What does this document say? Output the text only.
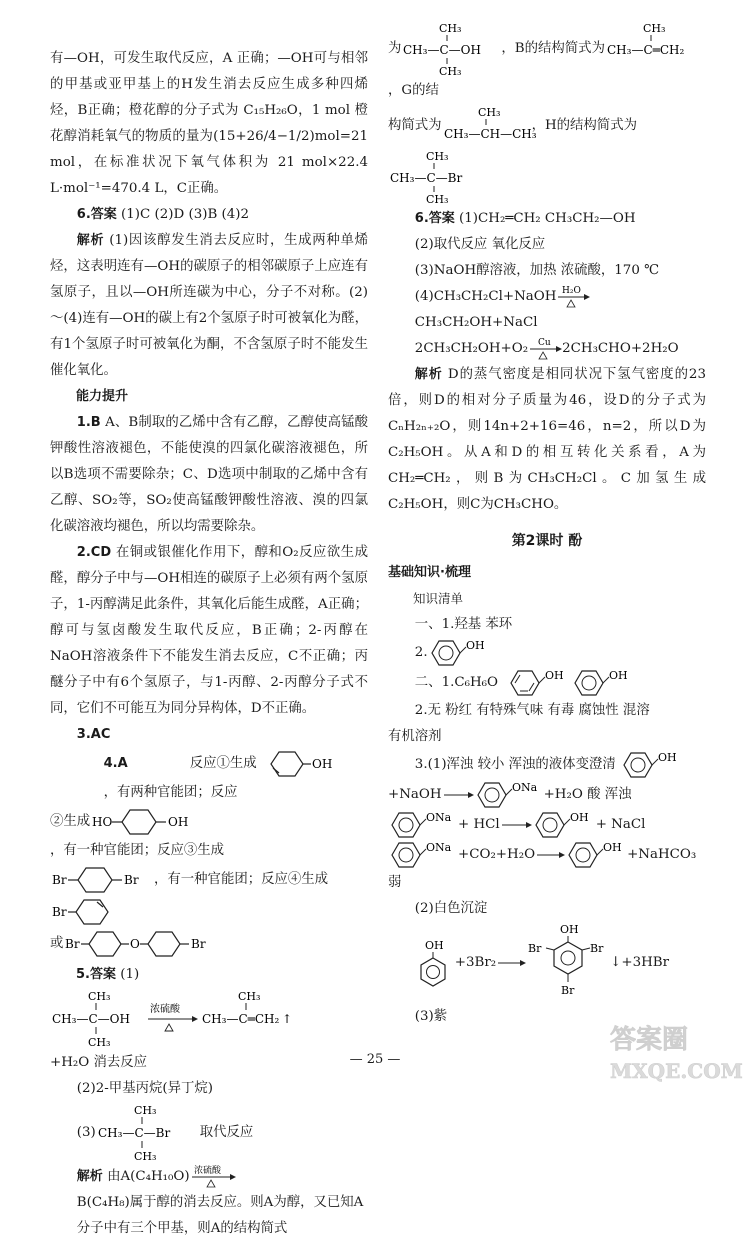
有—OH，可发生取代反应，A 正确；—OH可与相邻的甲基或亚甲基上的H发生消去反应生成多种四烯烃，B正确；橙花醇的分子式为 C₁₅H₂₆O，1 mol 橙花醇消耗氧气的物质的量为(15+26/4−1/2)mol=21 mol，在标准状况下氧气体积为 21 mol×22.4 L·mol⁻¹=470.4 L，C正确。

6.答案 (1)C (2)D (3)B (4)2

解析 (1)因该醇发生消去反应时，生成两种单烯烃，这表明连有—OH的碳原子的相邻碳原子上应连有氢原子，且以—OH所连碳为中心，分子不对称。(2)～(4)连有—OH的碳上有2个氢原子时可被氧化为醛，有1个氢原子时可被氧化为酮，不含氢原子时不能发生催化氧化。

能力提升

1.B A、B制取的乙烯中含有乙醇，乙醇使高锰酸钾酸性溶液褪色，不能使溴的四氯化碳溶液褪色，所以B选项不需要除杂；C、D选项中制取的乙烯中含有乙醇、SO₂等，SO₂使高锰酸钾酸性溶液、溴的四氯化碳溶液均褪色，所以均需要除杂。

2.CD 在铜或银催化作用下，醇和O₂反应欲生成醛，醇分子中与—OH相连的碳原子上必须有两个氢原子，1-丙醇满足此条件，其氧化后能生成醛，A正确；醇可与氢卤酸发生取代反应，B正确；2-丙醇在NaOH溶液条件下不能发生消去反应，C不正确；丙醚分子中有6个氢原子，与1-丙醇、2-丙醇分子式不同，它们不可能互为同分异构体，D不正确。

3.AC

4.A
	反应①生成	OH
，有两种官能团；反应
②生成 HO	OH
，有一种官能团；反应③生成
Br	Br ，有一种官能团；反应④生成
Br
或 Br	O	Br
5.答案
(1)
CH₃
CH₃—C—OH
CH₃
浓硫酸
CH₃
CH₃—C═CH₂ ↑

+H₂O 消去反应

(2)2-甲基丙烷(异丁烷)

(3)
CH₃
CH₃—C—Br
CH₃
取代反应
解析
由A(C₄H₁₀O) 浓硫酸
B(C₄H₈)属于醇的消去反应。则A为醇，又已知A分子中有三个甲基，则A的结构简式
为
CH₃
CH₃—C—OH
CH₃
，B的结构简式为
CH₃
CH₃—C═CH₂
，G的结
构简式为
CH₃
CH₃—CH—CH₃
，H的结构简式为
CH₃
CH₃—C—Br
CH₃

6.答案 (1)CH₂═CH₂ CH₃CH₂—OH

(2)取代反应 氧化反应

(3)NaOH醇溶液，加热 浓硫酸，170 ℃

(4)CH₃CH₂Cl+NaOH H₂O
CH₃CH₂OH+NaCl
2CH₃CH₂OH+O₂ Cu 2CH₃CHO+2H₂O

解析 D的蒸气密度是相同状况下氢气密度的23倍，则D的相对分子质量为46，设D的分子式为CₙH₂ₙ₊₂O，则14n+2+16=46，n=2，所以D为C₂H₅OH。从A和D的相互转化关系看，A为CH₂═CH₂，则B为CH₃CH₂Cl。C加氢生成C₂H₅OH，则C为CH₃CHO。

第2课时 酚

基础知识·梳理

知识清单

一、1.羟基 苯环

2.	OH
二、1.C₆H₆O
	OH	OH

2.无 粉红 有特殊气味 有毒 腐蚀性 混溶

有机溶剂

3.(1)浑浊 较小 浑浊的液体变澄清
	OH
+NaOH →	ONa +H₂O 酸 浑浊
ONa + HCl →	OH + NaCl
ONa +CO₂+H₂O →	OH +NaHCO₃

弱

(2)白色沉淀

OH
+3Br₂ →
OH
Br	Br
Br
↓+3HBr

(3)紫

— 25 —
答案圈
MXQE.COM
